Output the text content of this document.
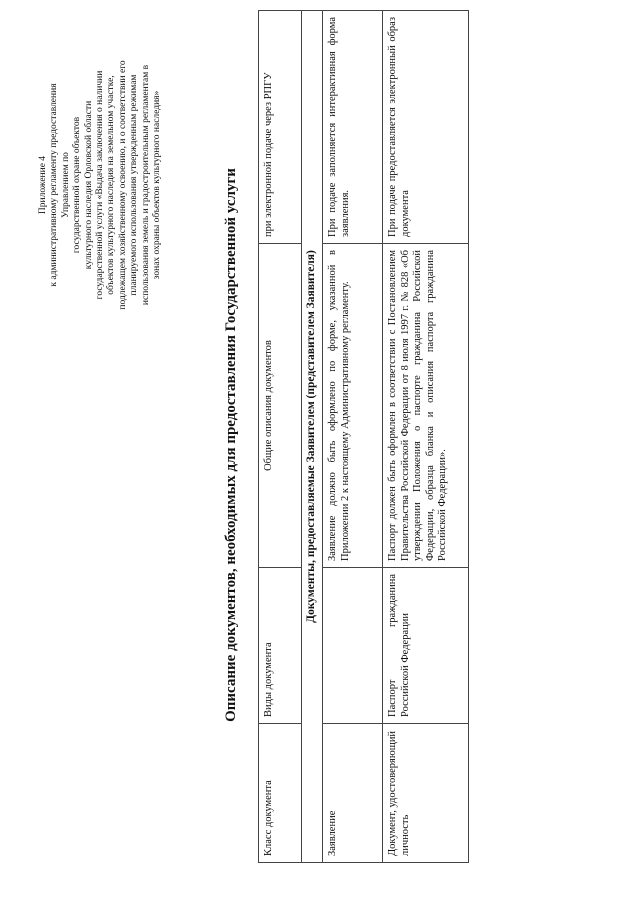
Приложение 4 к административному регламенту предоставления Управлением по государственной охране объектов культурного наследия Орловской области государственной услуги «Выдача заключения о наличии объектов культурного наследия на земельном участке, подлежащем хозяйственному освоению, и о соответствии его планируемого использования утвержденным режимам использования земель и градостроительным регламентам в зонах охраны объектов культурного наследия»	Описание документов, необходимых для предоставления Государственной услуги
Класс документа	Виды документа	Общие описания документов	при электронной подаче через РПГУ
Документы, предоставляемые Заявителем (представителем Заявителя)			
Заявление		Заявление должно быть оформлено по форме, указанной в Приложении 2 к настоящему Административному регламенту.	При подаче заполняется интерактивная форма заявления.
Документ, удостоверяющий личность	Паспорт гражданина Российской Федерации	Паспорт должен быть оформлен в соответствии с Постановлением Правительства Российской Федерации от 8 июля 1997 г. № 828 «Об утверждении Положения о паспорте гражданина Российской Федерации, образца бланка и описания паспорта гражданина Российской Федерации».	При подаче предоставляется электронный образ документа
